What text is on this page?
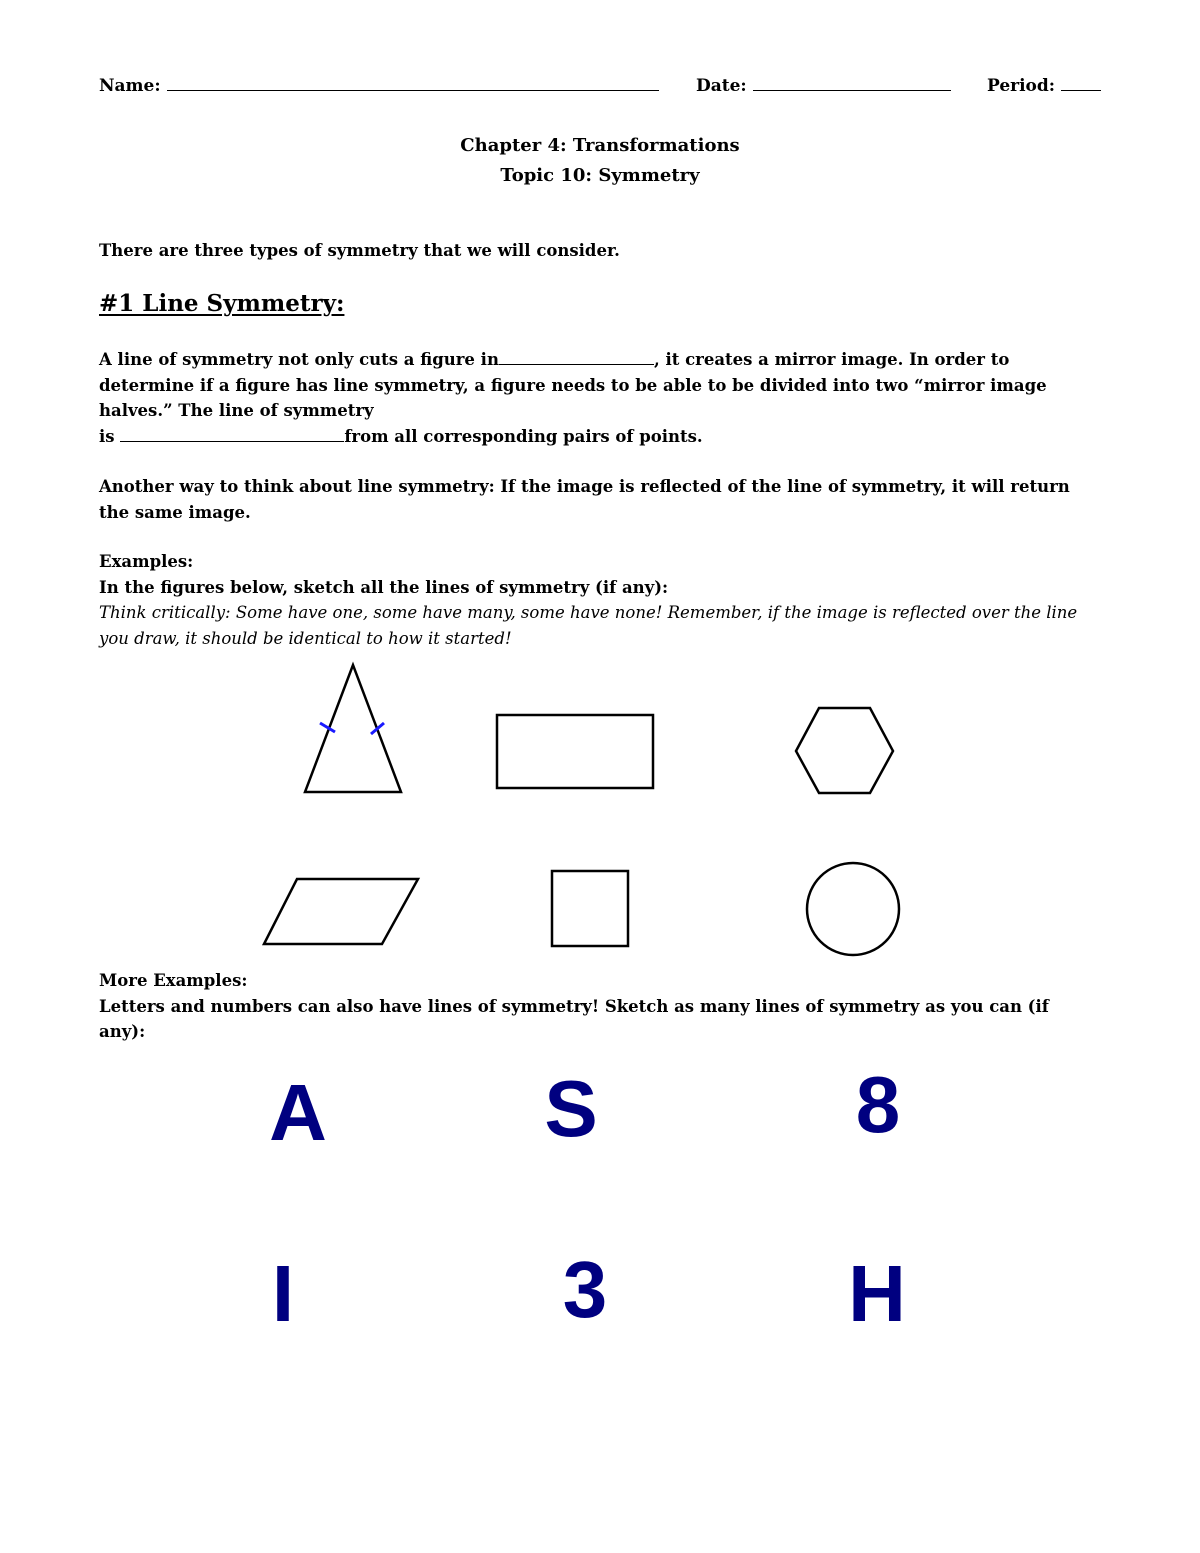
Name:	Date:	Period:
Chapter 4: Transformations
Topic 10: Symmetry
There are three types of symmetry that we will consider.
#1 Line Symmetry:
A line of symmetry not only cuts a figure in	, it creates a mirror image. In order to determine if a figure has line symmetry, a figure needs to be able to be divided into two “mirror image halves.” The line of symmetry
is	from all corresponding pairs of points.
Another way to think about line symmetry: If the image is reflected of the line of symmetry, it will return the same image.
Examples:
In the figures below, sketch all the lines of symmetry (if any):
Think critically: Some have one, some have many, some have none! Remember, if the image is reflected over the line you draw, it should be identical to how it started!
More Examples:
Letters and numbers can also have lines of symmetry! Sketch as many lines of symmetry as you can (if any):
A	S	8
I	3	H
